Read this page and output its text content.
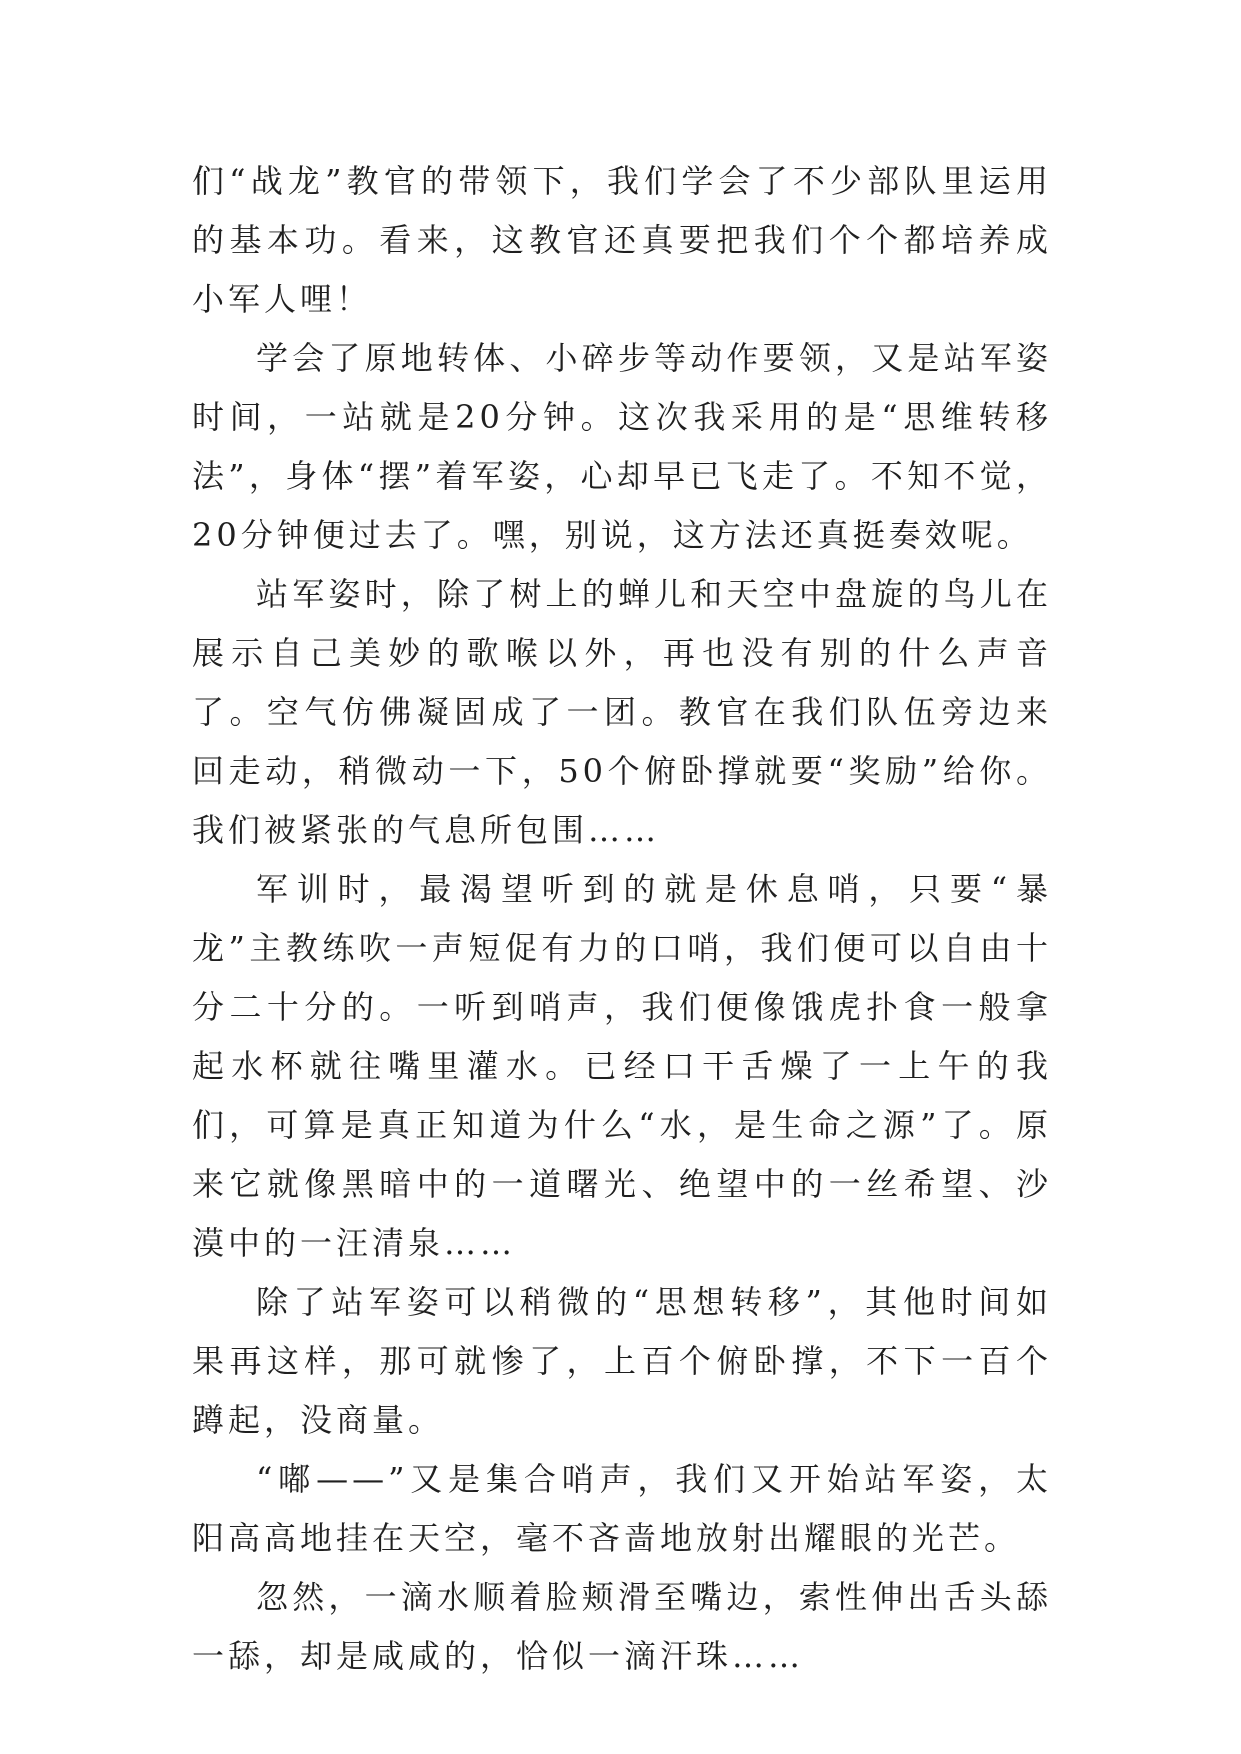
们“战龙”教官的带领下，我们学会了不少部队里运用的基本功。看来，这教官还真要把我们个个都培养成小军人哩！

学会了原地转体、小碎步等动作要领，又是站军姿时间，一站就是20分钟。这次我采用的是“思维转移法”，身体“摆”着军姿，心却早已飞走了。不知不觉，20分钟便过去了。嘿，别说，这方法还真挺奏效呢。

站军姿时，除了树上的蝉儿和天空中盘旋的鸟儿在展示自己美妙的歌喉以外，再也没有别的什么声音了。空气仿佛凝固成了一团。教官在我们队伍旁边来回走动，稍微动一下，50个俯卧撑就要“奖励”给你。我们被紧张的气息所包围……

军训时，最渴望听到的就是休息哨，只要“暴龙”主教练吹一声短促有力的口哨，我们便可以自由十分二十分的。一听到哨声，我们便像饿虎扑食一般拿起水杯就往嘴里灌水。已经口干舌燥了一上午的我们，可算是真正知道为什么“水，是生命之源”了。原来它就像黑暗中的一道曙光、绝望中的一丝希望、沙漠中的一汪清泉……

除了站军姿可以稍微的“思想转移”，其他时间如果再这样，那可就惨了，上百个俯卧撑，不下一百个蹲起，没商量。

“嘟——”又是集合哨声，我们又开始站军姿，太阳高高地挂在天空，毫不吝啬地放射出耀眼的光芒。

忽然，一滴水顺着脸颊滑至嘴边，索性伸出舌头舔一舔，却是咸咸的，恰似一滴汗珠……
